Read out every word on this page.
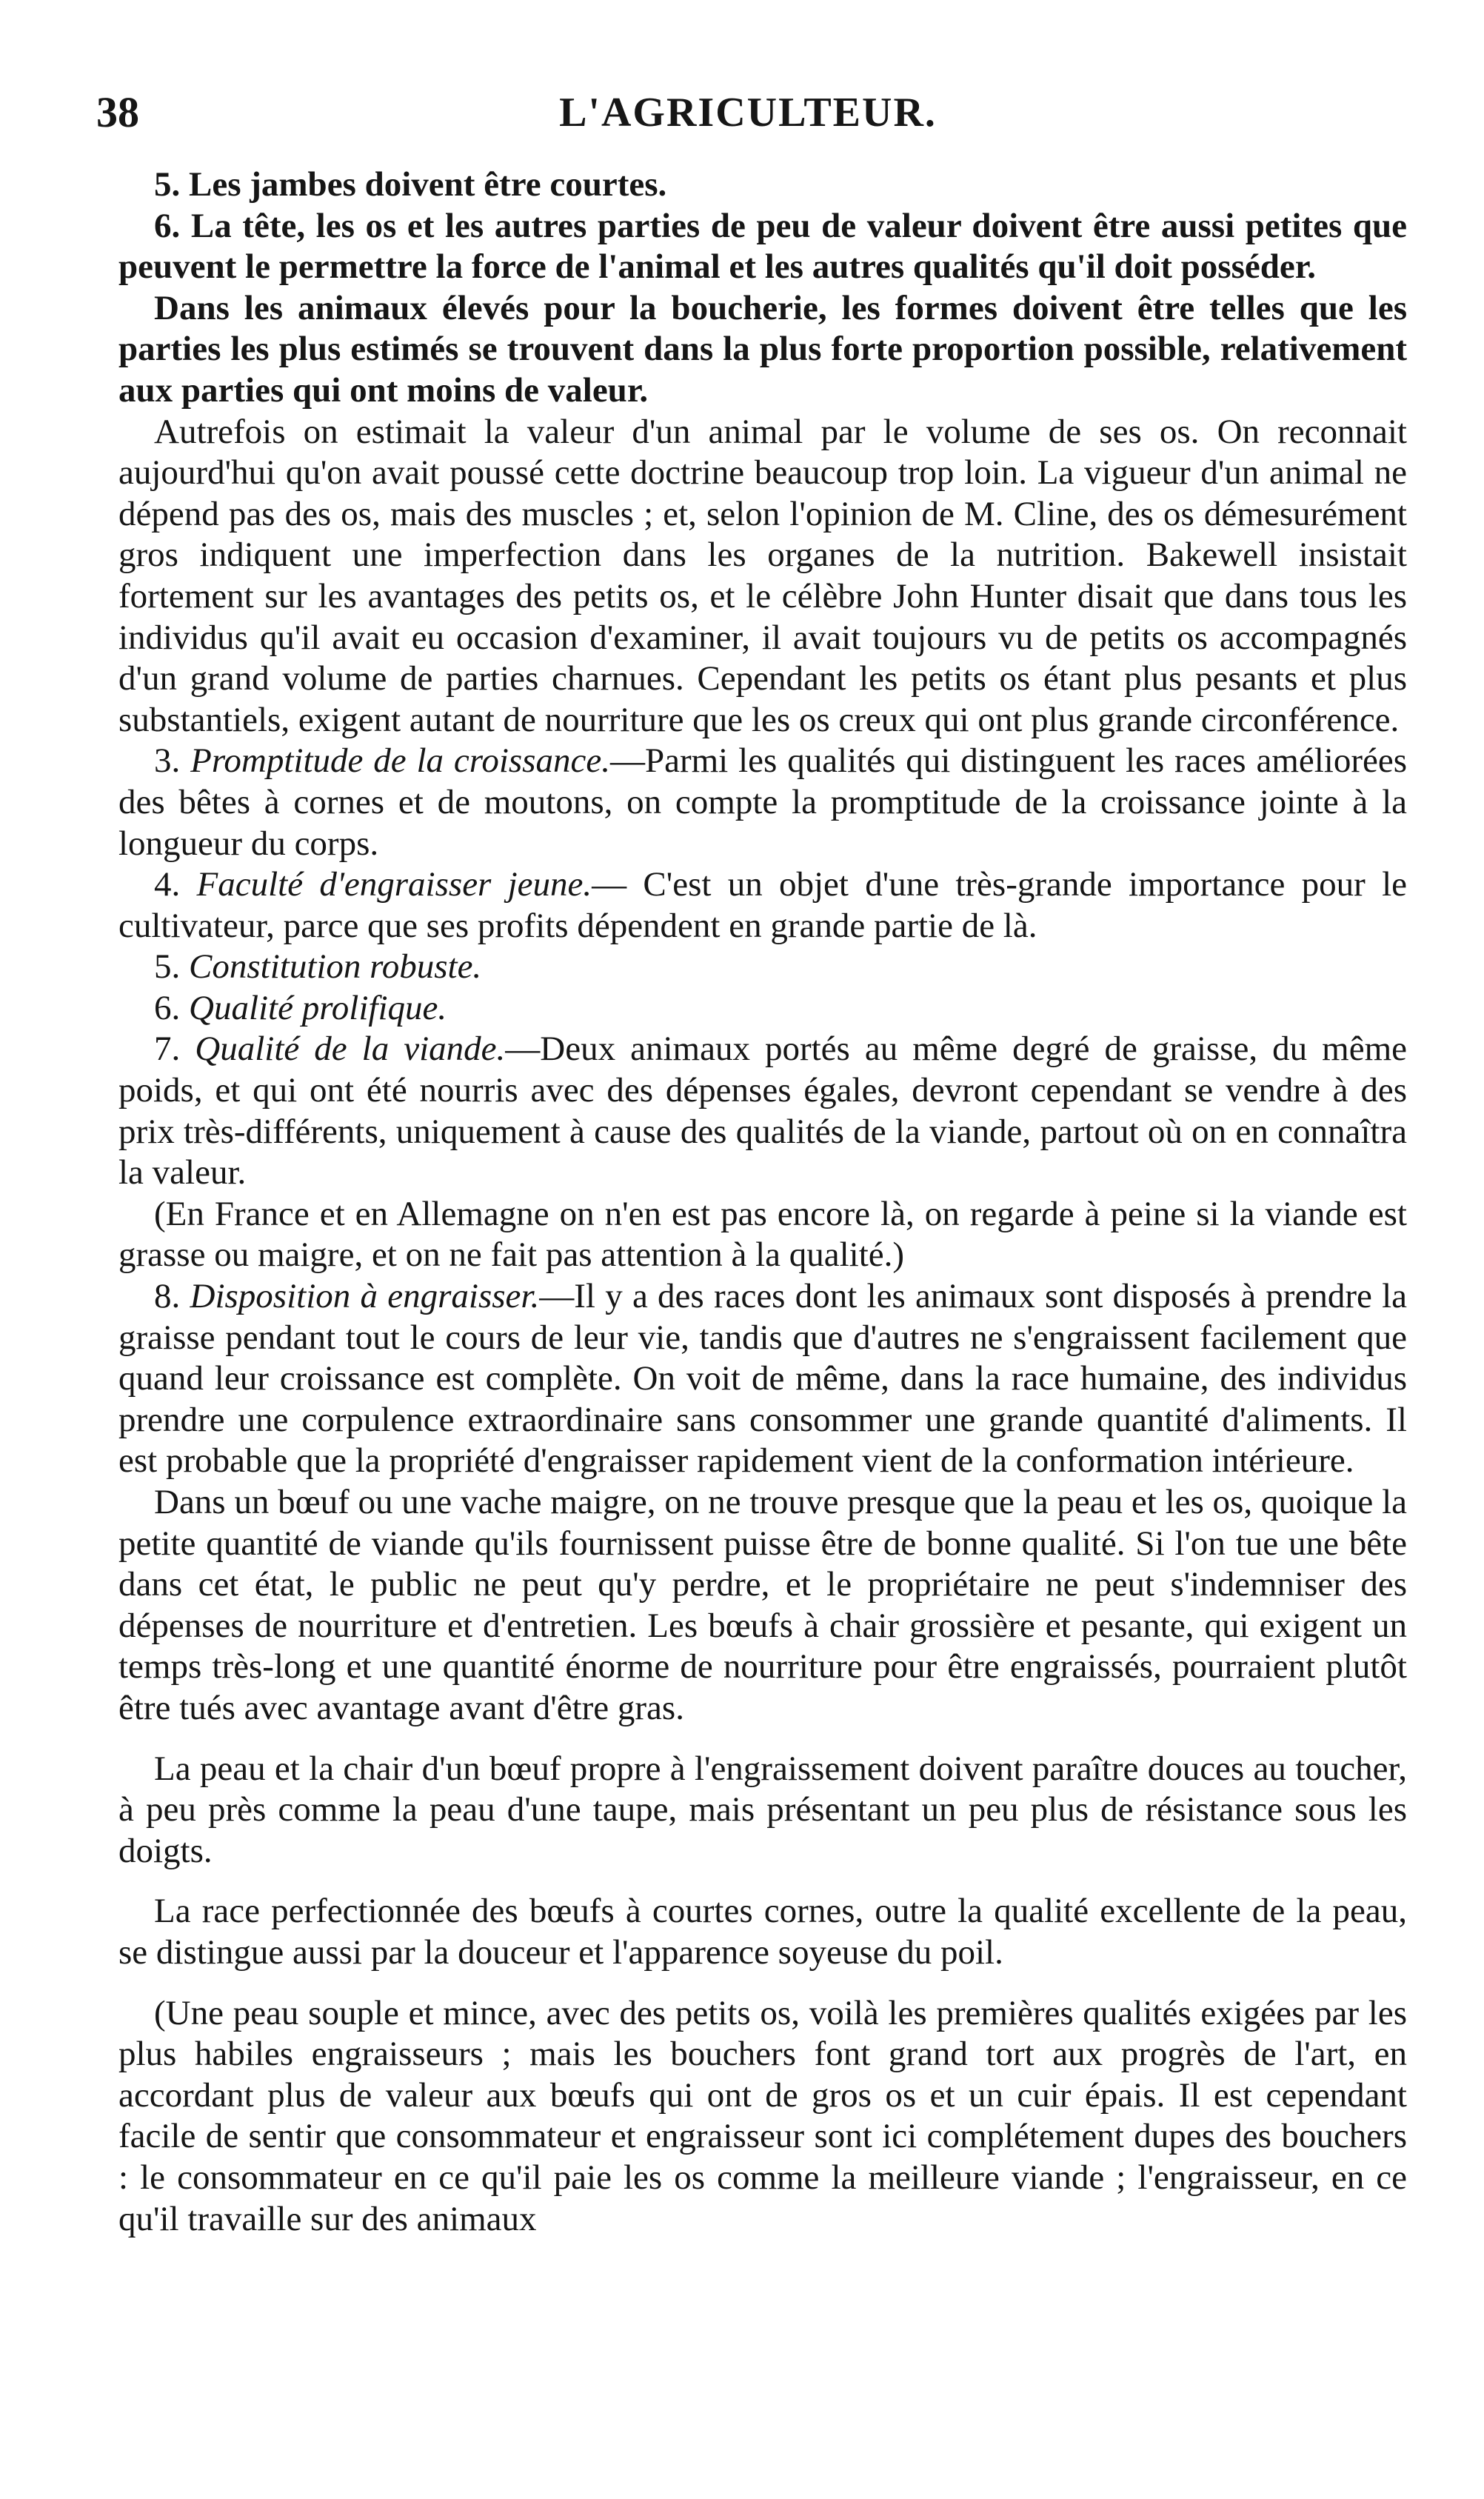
38	L'AGRICULTEUR.

5. Les jambes doivent être courtes.

6. La tête, les os et les autres parties de peu de valeur doivent être aussi petites que peuvent le permettre la force de l'animal et les autres qualités qu'il doit posséder.

Dans les animaux élevés pour la boucherie, les formes doivent être telles que les parties les plus estimés se trouvent dans la plus forte proportion possible, relativement aux parties qui ont moins de valeur.

Autrefois on estimait la valeur d'un animal par le volume de ses os. On reconnait aujourd'hui qu'on avait poussé cette doctrine beaucoup trop loin. La vigueur d'un animal ne dépend pas des os, mais des muscles ; et, selon l'opinion de M. Cline, des os démesurément gros indiquent une imperfection dans les organes de la nutrition. Bakewell insistait fortement sur les avantages des petits os, et le célèbre John Hunter disait que dans tous les individus qu'il avait eu occasion d'examiner, il avait toujours vu de petits os accompagnés d'un grand volume de parties charnues. Cependant les petits os étant plus pesants et plus substantiels, exigent autant de nourriture que les os creux qui ont plus grande circonférence.

3. Promptitude de la croissance.—Parmi les qualités qui distinguent les races améliorées des bêtes à cornes et de moutons, on compte la promptitude de la croissance jointe à la longueur du corps.

4. Faculté d'engraisser jeune.— C'est un objet d'une très-grande importance pour le cultivateur, parce que ses profits dépendent en grande partie de là.

5. Constitution robuste.

6. Qualité prolifique.

7. Qualité de la viande.—Deux animaux portés au même degré de graisse, du même poids, et qui ont été nourris avec des dépenses égales, devront cependant se vendre à des prix très-différents, uniquement à cause des qualités de la viande, partout où on en connaîtra la valeur.

(En France et en Allemagne on n'en est pas encore là, on regarde à peine si la viande est grasse ou maigre, et on ne fait pas attention à la qualité.)

8. Disposition à engraisser.—Il y a des races dont les animaux sont disposés à prendre la graisse pendant tout le cours de leur vie, tandis que d'autres ne s'engraissent facilement que quand leur croissance est complète. On voit de même, dans la race humaine, des individus prendre une corpulence extraordinaire sans consommer une grande quantité d'aliments. Il est probable que la propriété d'engraisser rapidement vient de la conformation intérieure.

Dans un bœuf ou une vache maigre, on ne trouve presque que la peau et les os, quoique la petite quantité de viande qu'ils fournissent puisse être de bonne qualité. Si l'on tue une bête dans cet état, le public ne peut qu'y perdre, et le propriétaire ne peut s'indemniser des dépenses de nourriture et d'entretien. Les bœufs à chair grossière et pesante, qui exigent un temps très-long et une quantité énorme de nourriture pour être engraissés, pourraient plutôt être tués avec avantage avant d'être gras.

La peau et la chair d'un bœuf propre à l'engraissement doivent paraître douces au toucher, à peu près comme la peau d'une taupe, mais présentant un peu plus de résistance sous les doigts.

La race perfectionnée des bœufs à courtes cornes, outre la qualité excellente de la peau, se distingue aussi par la douceur et l'apparence soyeuse du poil.

(Une peau souple et mince, avec des petits os, voilà les premières qualités exigées par les plus habiles engraisseurs ; mais les bouchers font grand tort aux progrès de l'art, en accordant plus de valeur aux bœufs qui ont de gros os et un cuir épais. Il est cependant facile de sentir que consommateur et engraisseur sont ici complétement dupes des bouchers : le consommateur en ce qu'il paie les os comme la meilleure viande ; l'engraisseur, en ce qu'il travaille sur des animaux
